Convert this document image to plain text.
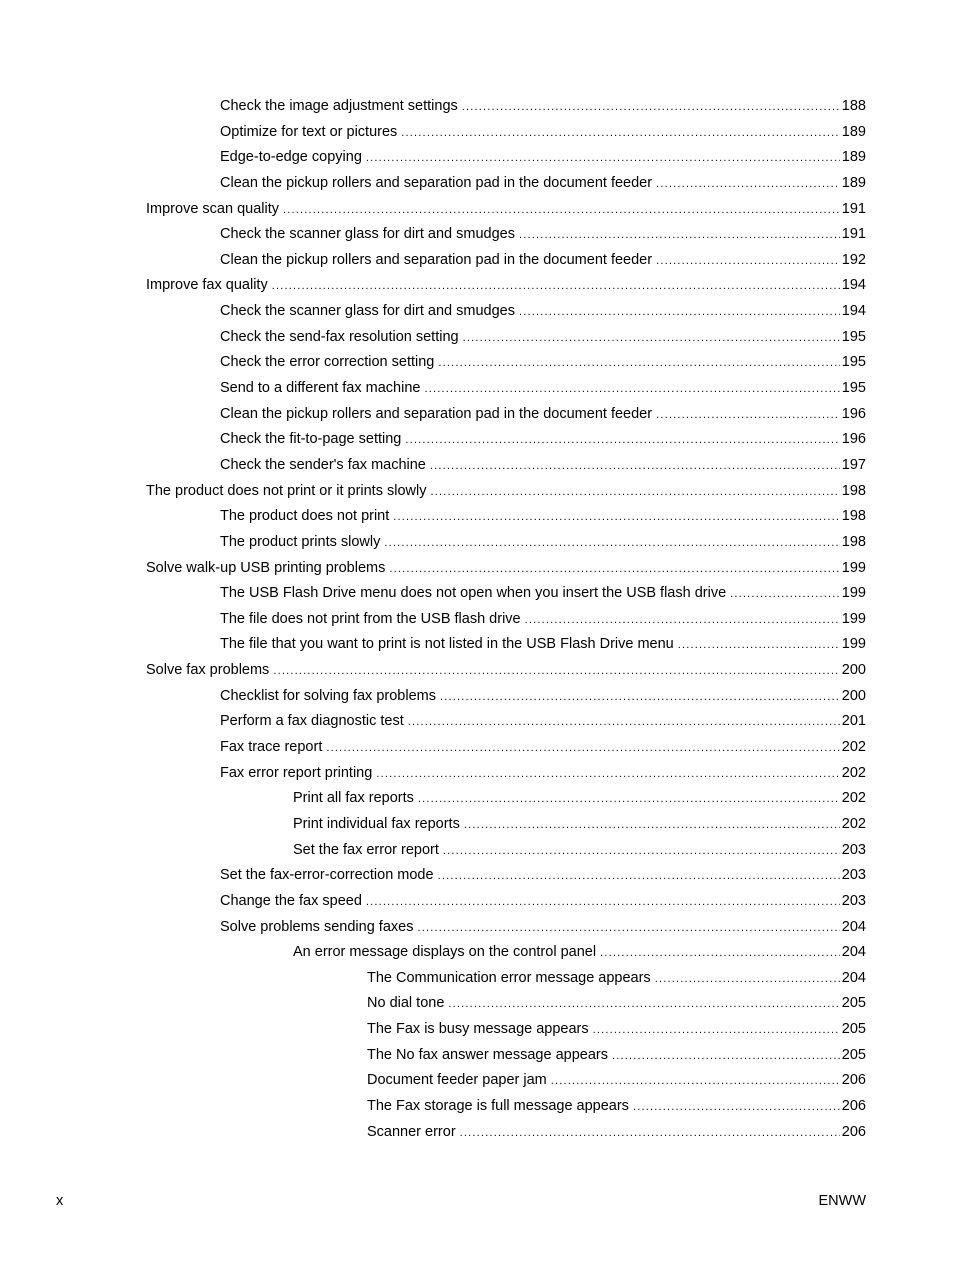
Check the image adjustment settings .....	188
Optimize for text or pictures .....	189
Edge-to-edge copying .....	189
Clean the pickup rollers and separation pad in the document feeder .....	189
Improve scan quality .....	191
Check the scanner glass for dirt and smudges .....	191
Clean the pickup rollers and separation pad in the document feeder .....	192
Improve fax quality .....	194
Check the scanner glass for dirt and smudges .....	194
Check the send-fax resolution setting .....	195
Check the error correction setting .....	195
Send to a different fax machine .....	195
Clean the pickup rollers and separation pad in the document feeder .....	196
Check the fit-to-page setting .....	196
Check the sender's fax machine .....	197
The product does not print or it prints slowly .....	198
The product does not print .....	198
The product prints slowly .....	198
Solve walk-up USB printing problems .....	199
The USB Flash Drive menu does not open when you insert the USB flash drive .....	199
The file does not print from the USB flash drive .....	199
The file that you want to print is not listed in the USB Flash Drive menu .....	199
Solve fax problems .....	200
Checklist for solving fax problems .....	200
Perform a fax diagnostic test .....	201
Fax trace report .....	202
Fax error report printing .....	202
Print all fax reports .....	202
Print individual fax reports .....	202
Set the fax error report .....	203
Set the fax-error-correction mode .....	203
Change the fax speed .....	203
Solve problems sending faxes .....	204
An error message displays on the control panel .....	204
The Communication error message appears .....	204
No dial tone .....	205
The Fax is busy message appears .....	205
The No fax answer message appears .....	205
Document feeder paper jam .....	206
The Fax storage is full message appears .....	206
Scanner error .....	206
x	ENWW
